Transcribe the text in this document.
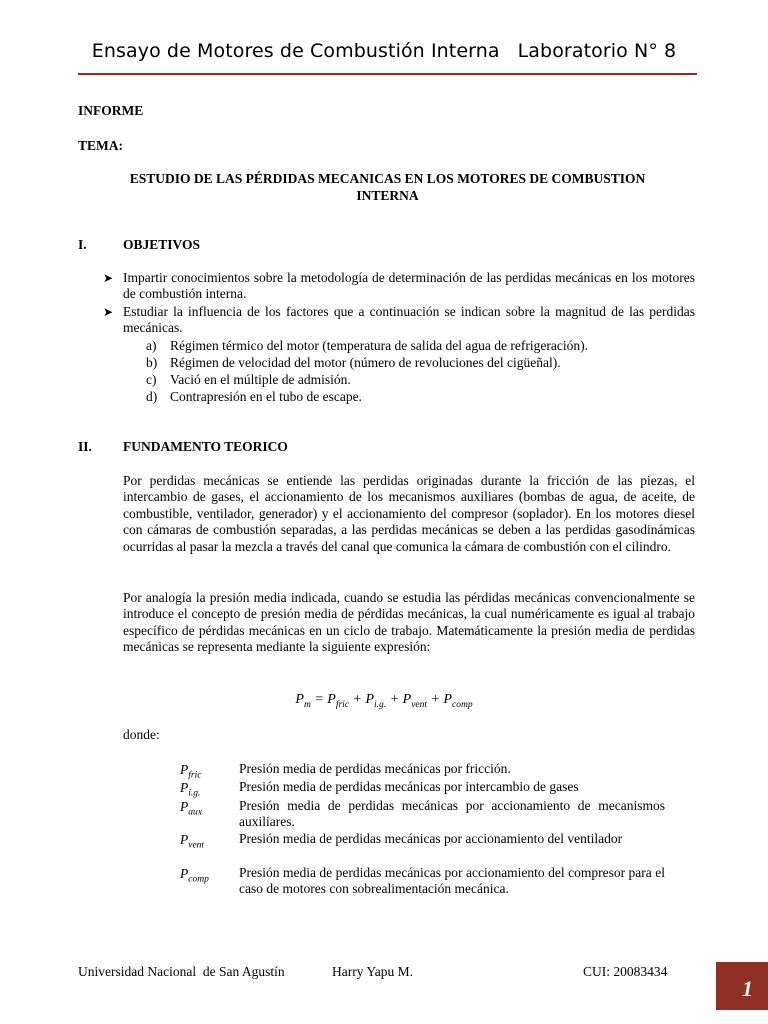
Ensayo de Motores de Combustión Interna Laboratorio N° 8
INFORME
TEMA:
ESTUDIO DE LAS PÉRDIDAS MECANICAS EN LOS MOTORES DE COMBUSTION
INTERNA
I.	OBJETIVOS
➤ Impartir conocimientos sobre la metodología de determinación de las perdidas mecánicas en los motores de combustión interna.
➤ Estudiar la influencia de los factores que a continuación se indican sobre la magnitud de las perdidas mecánicas.
a) Régimen térmico del motor (temperatura de salida del agua de refrigeración).
b) Régimen de velocidad del motor (número de revoluciones del cigüeñal).
c) Vació en el múltiple de admisión.
d) Contrapresión en el tubo de escape.
II. FUNDAMENTO TEORICO
Por perdidas mecánicas se entiende las perdidas originadas durante la fricción de las piezas, el intercambio de gases, el accionamiento de los mecanismos auxiliares (bombas de agua, de aceite, de combustible, ventilador, generador) y el accionamiento del compresor (soplador). En los motores diesel con cámaras de combustión separadas, a las perdidas mecánicas se deben a las perdidas gasodinámicas ocurridas al pasar la mezcla a través del canal que comunica la cámara de combustión con el cilindro.
Por analogía la presión media indicada, cuando se estudia las pérdidas mecánicas convencionalmente se introduce el concepto de presión media de pérdidas mecánicas, la cual numéricamente es igual al trabajo específico de pérdidas mecánicas en un ciclo de trabajo. Matemáticamente la presión media de perdidas mecánicas se representa mediante la siguiente expresión:
$P_m = P_{fric} + P_{i.g.} + P_{vent} + P_{comp}$
donde:
$P_{fric}$	Presión media de perdidas mecánicas por fricción.
$P_{i.g.}$	Presión media de perdidas mecánicas por intercambio de gases
$P_{aux}$	Presión media de perdidas mecánicas por accionamiento de mecanismos auxiliares.
$P_{vent}$	Presión media de perdidas mecánicas por accionamiento del ventilador
$P_{comp}$ Presión media de perdidas mecánicas por accionamiento del compresor para el caso de motores con sobrealimentación mecánica.
Universidad Nacional  de San Agustín	Harry Yapu M.	CUI: 20083434
1
